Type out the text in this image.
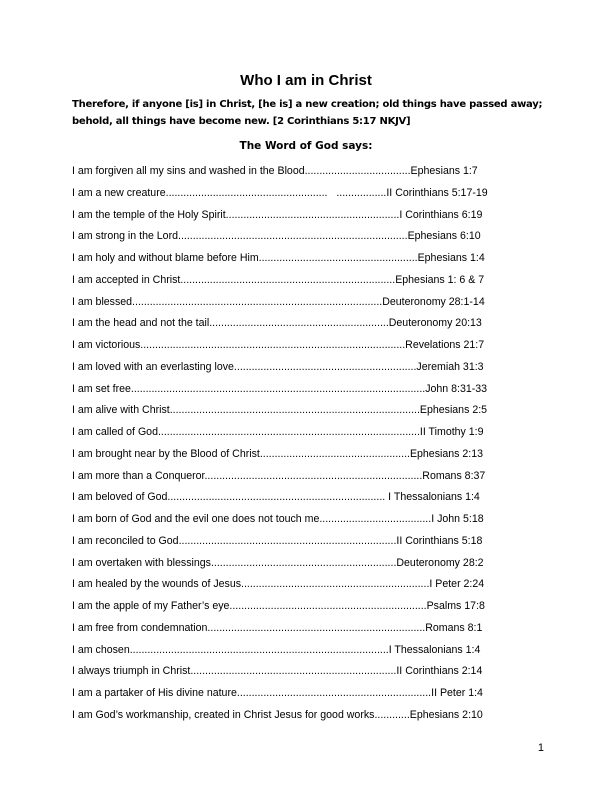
Who I am in Christ

Therefore, if anyone [is] in Christ, [he is] a new creation; old things have passed away; behold, all things have become new. [2 Corinthians 5:17 NKJV]

The Word of God says:
I am forgiven all my sins and washed in the Blood....................................Ephesians 1:7
I am a new creature.......................................................   .................II Corinthians 5:17-19
I am the temple of the Holy Spirit...........................................................I Corinthians 6:19
I am strong in the Lord..............................................................................Ephesians 6:10
I am holy and without blame before Him......................................................Ephesians 1:4
I am accepted in Christ.........................................................................Ephesians 1: 6 & 7
I am blessed.....................................................................................Deuteronomy 28:1-14
I am the head and not the tail.............................................................Deuteronomy 20:13
I am victorious..........................................................................................Revelations 21:7
I am loved with an everlasting love..............................................................Jeremiah 31:3
I am set free....................................................................................................John 8:31-33
I am alive with Christ.....................................................................................Ephesians 2:5
I am called of God.........................................................................................II Timothy 1:9
I am brought near by the Blood of Christ...................................................Ephesians 2:13
I am more than a Conqueror..........................................................................Romans 8:37
I am beloved of God.......................................................................... I Thessalonians 1:4
I am born of God and the evil one does not touch me......................................I John 5:18
I am reconciled to God..........................................................................II Corinthians 5:18
I am overtaken with blessings...............................................................Deuteronomy 28:2
I am healed by the wounds of Jesus................................................................I Peter 2:24
I am the apple of my Father’s eye...................................................................Psalms 17:8
I am free from condemnation..........................................................................Romans 8:1
I am chosen........................................................................................I Thessalonians 1:4
I always triumph in Christ......................................................................II Corinthians 2:14
I am a partaker of His divine nature..................................................................II Peter 1:4
I am God’s workmanship, created in Christ Jesus for good works............Ephesians 2:10
1
